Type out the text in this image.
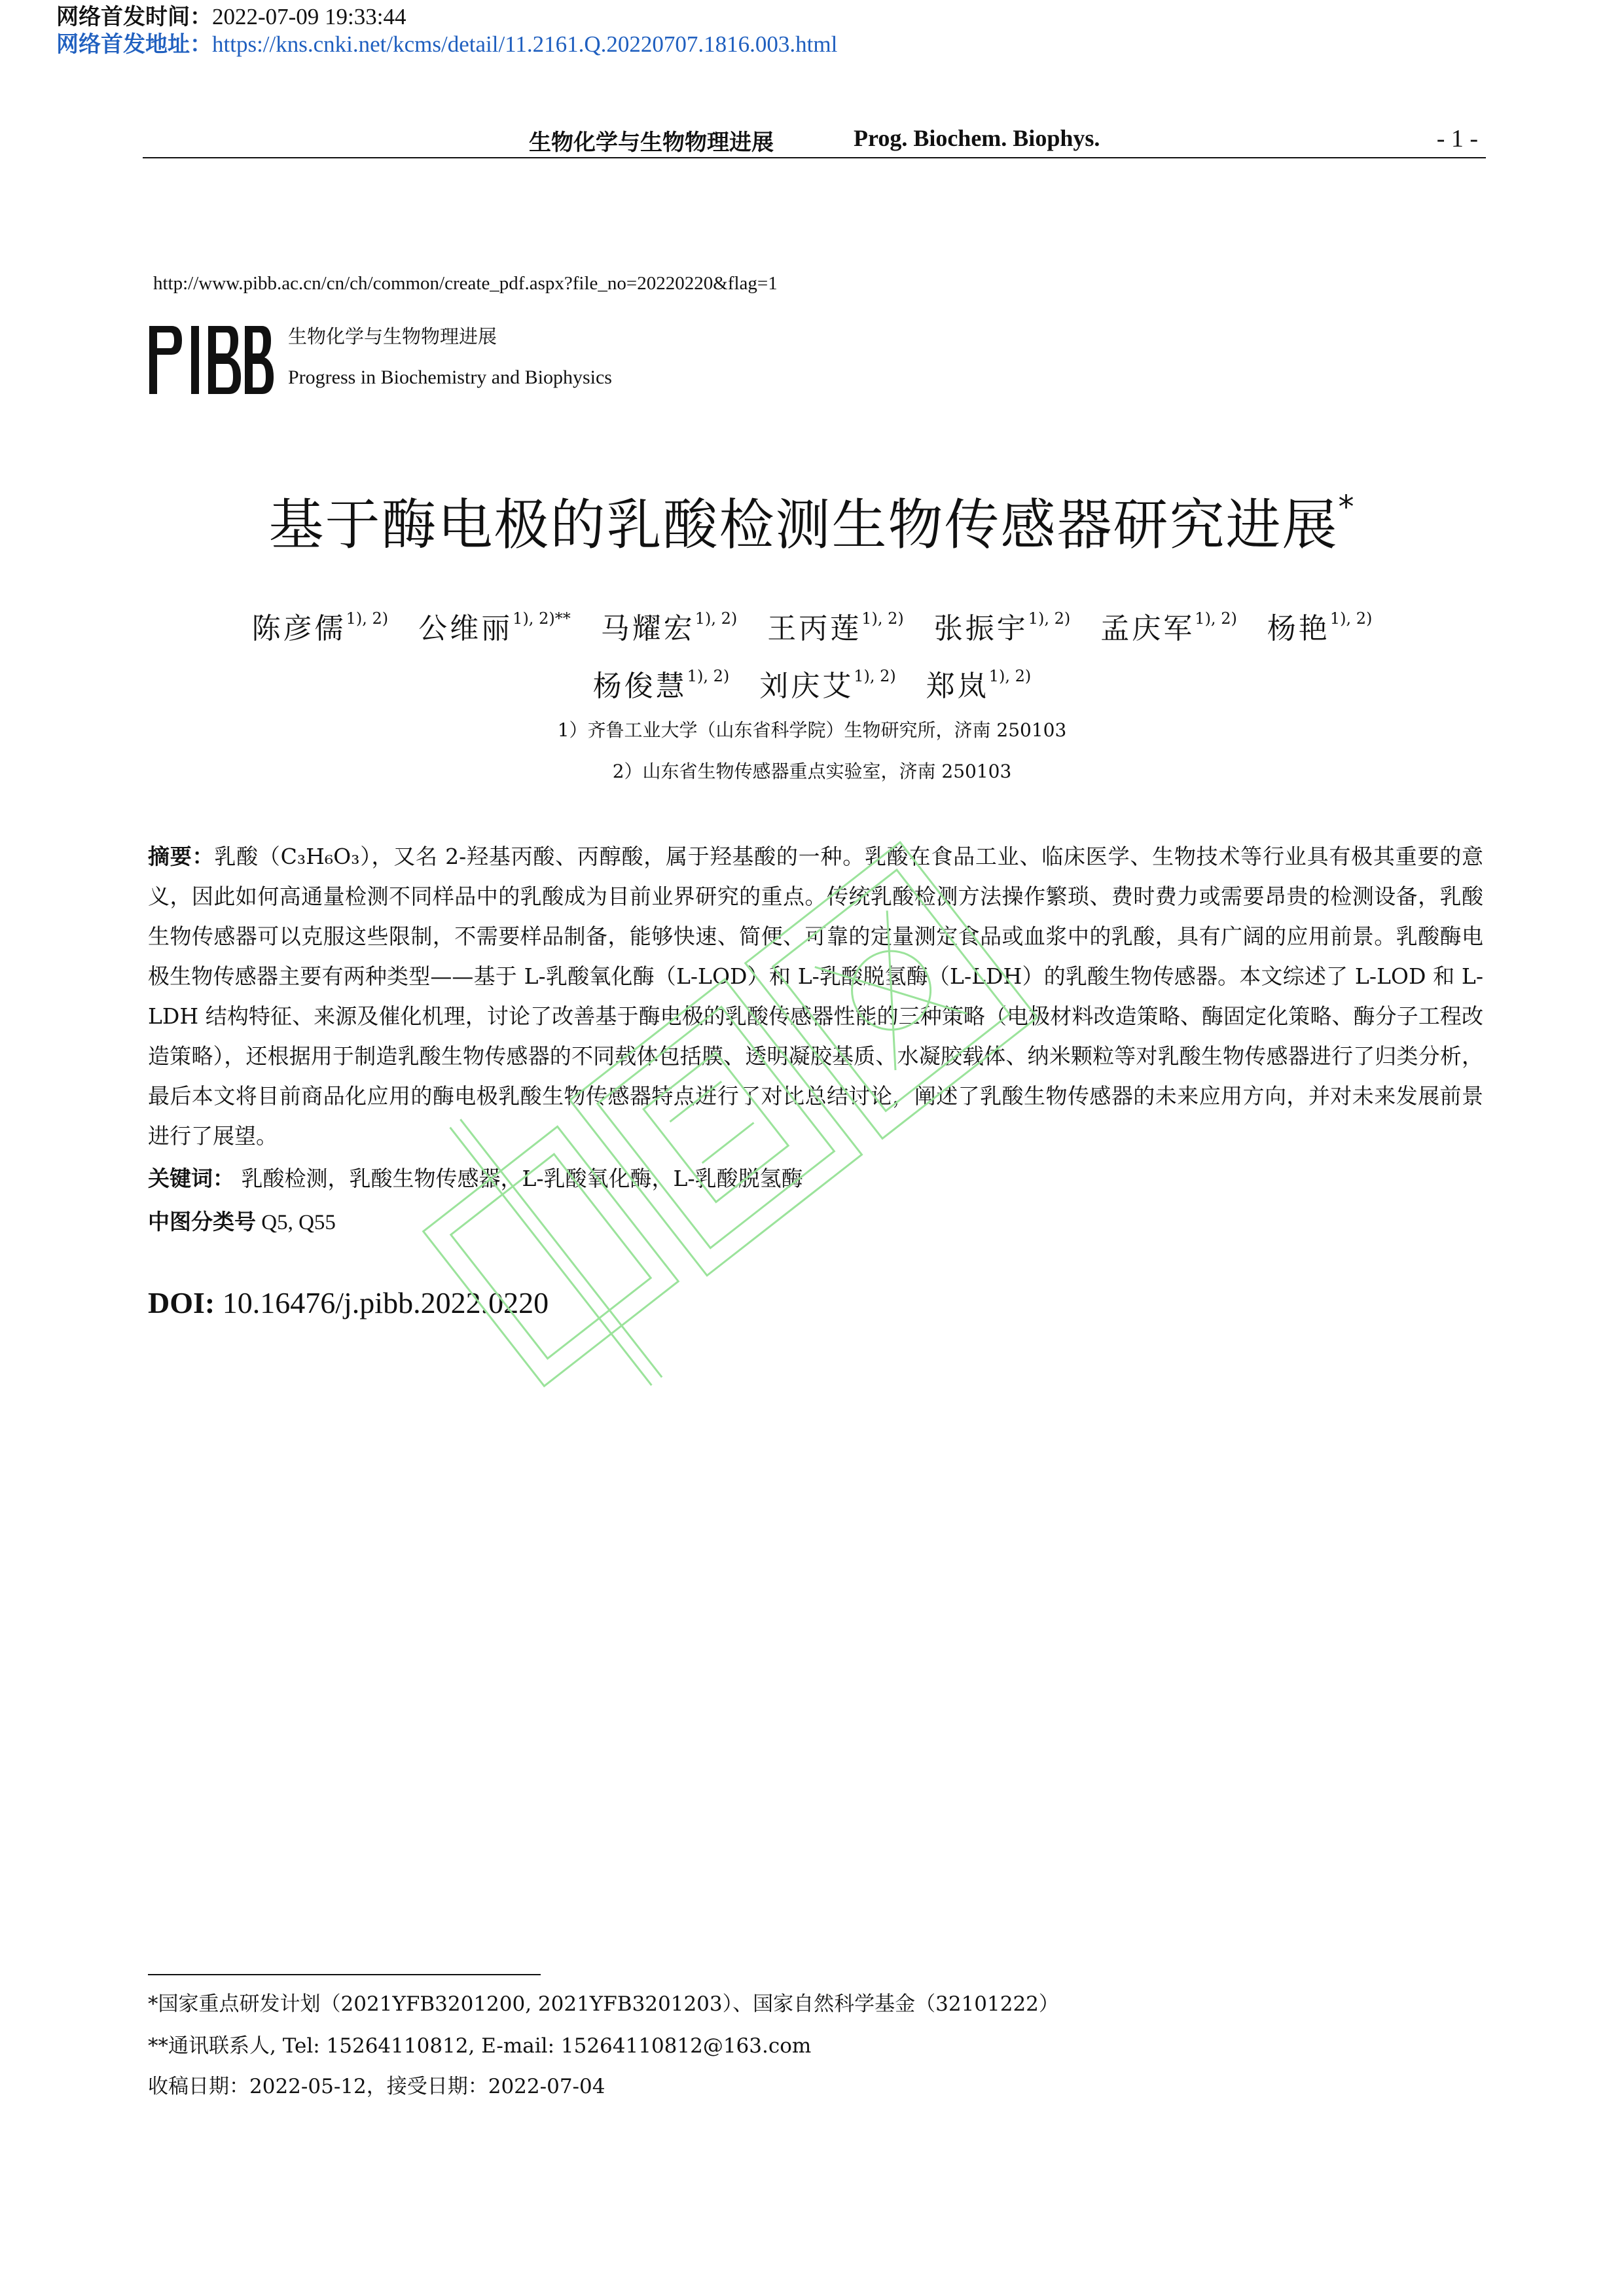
网络首发时间：2022-07-09 19:33:44
网络首发地址：https://kns.cnki.net/kcms/detail/11.2161.Q.20220707.1816.003.html
生物化学与生物物理进展	Prog. Biochem. Biophys.	- 1 -
http://www.pibb.ac.cn/cn/ch/common/create_pdf.aspx?file_no=20220220&flag=1
生物化学与生物物理进展
Progress in Biochemistry and Biophysics
基于酶电极的乳酸检测生物传感器研究进展*
陈彦儒$^{1), 2)}$ 公维丽$^{1), 2)**}$ 马耀宏$^{1), 2)}$ 王丙莲$^{1), 2)}$ 张振宇$^{1), 2)}$ 孟庆军$^{1), 2)}$ 杨艳$^{1), 2)}$
杨俊慧$^{1), 2)}$ 刘庆艾$^{1), 2)}$ 郑岚$^{1), 2)}$
1）齐鲁工业大学（山东省科学院）生物研究所，济南 250103
2）山东省生物传感器重点实验室，济南 250103
摘要：乳酸（C₃H₆O₃），又名 2-羟基丙酸、丙醇酸，属于羟基酸的一种。乳酸在食品工业、临床医学、生物技术等行业具有极其重要的意义，因此如何高通量检测不同样品中的乳酸成为目前业界研究的重点。传统乳酸检测方法操作繁琐、费时费力或需要昂贵的检测设备，乳酸生物传感器可以克服这些限制，不需要样品制备，能够快速、简便、可靠的定量测定食品或血浆中的乳酸，具有广阔的应用前景。乳酸酶电极生物传感器主要有两种类型——基于 L-乳酸氧化酶（L-LOD）和 L-乳酸脱氢酶（L-LDH）的乳酸生物传感器。本文综述了 L-LOD 和 L-LDH 结构特征、来源及催化机理，讨论了改善基于酶电极的乳酸传感器性能的三种策略（电极材料改造策略、酶固定化策略、酶分子工程改造策略），还根据用于制造乳酸生物传感器的不同载体包括膜、透明凝胶基质、水凝胶载体、纳米颗粒等对乳酸生物传感器进行了归类分析，最后本文将目前商品化应用的酶电极乳酸生物传感器特点进行了对比总结讨论，阐述了乳酸生物传感器的未来应用方向，并对未来发展前景进行了展望。
关键词： 乳酸检测，乳酸生物传感器，L-乳酸氧化酶，L-乳酸脱氢酶
中图分类号 Q5, Q55
DOI: 10.16476/j.pibb.2022.0220
*国家重点研发计划（2021YFB3201200, 2021YFB3201203）、国家自然科学基金（32101222）
**通讯联系人, Tel: 15264110812, E-mail: 15264110812@163.com
收稿日期：2022-05-12，接受日期：2022-07-04
